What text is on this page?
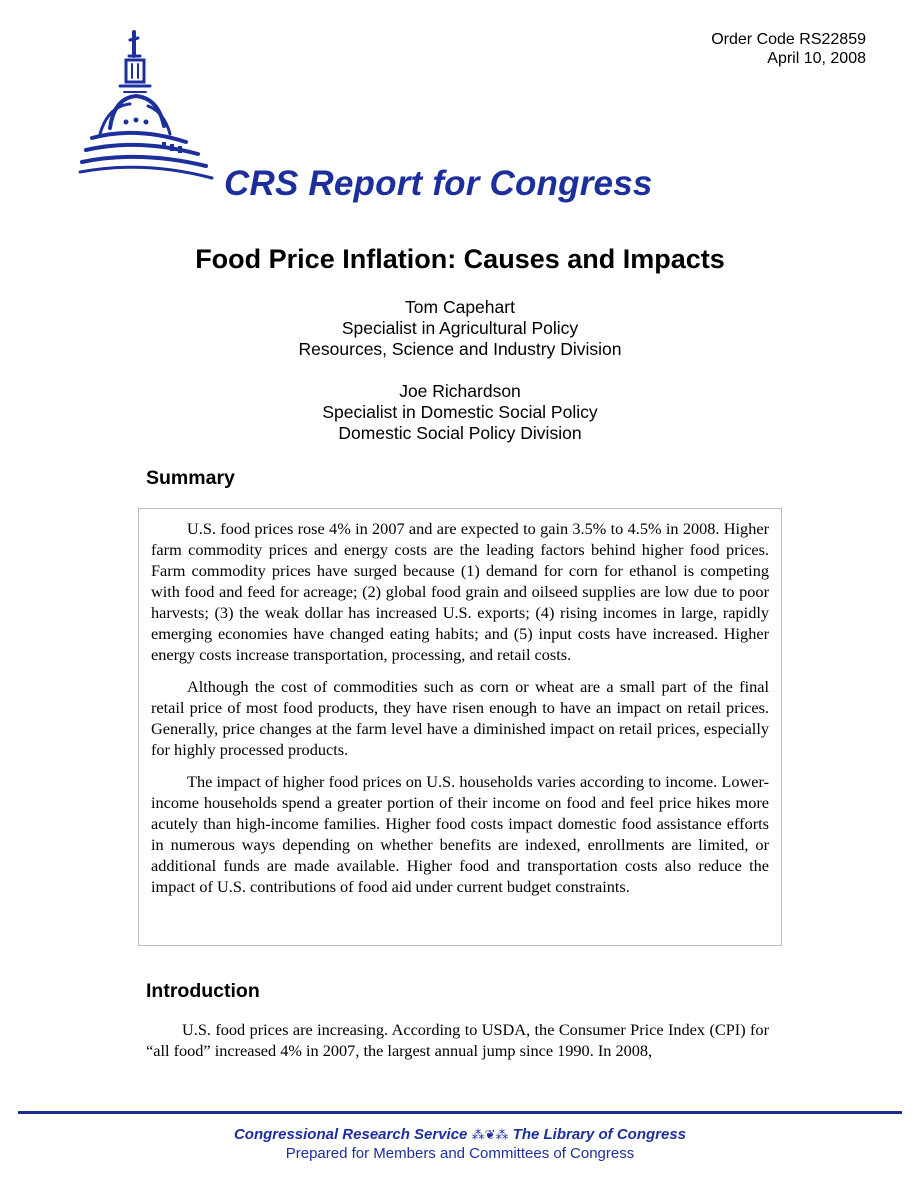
Order Code RS22859
April 10, 2008
CRS Report for Congress
Food Price Inflation: Causes and Impacts
Tom Capehart
Specialist in Agricultural Policy
Resources, Science and Industry Division
Joe Richardson
Specialist in Domestic Social Policy
Domestic Social Policy Division
Summary

U.S. food prices rose 4% in 2007 and are expected to gain 3.5% to 4.5% in 2008. Higher farm commodity prices and energy costs are the leading factors behind higher food prices. Farm commodity prices have surged because (1) demand for corn for ethanol is competing with food and feed for acreage; (2) global food grain and oilseed supplies are low due to poor harvests; (3) the weak dollar has increased U.S. exports; (4) rising incomes in large, rapidly emerging economies have changed eating habits; and (5) input costs have increased. Higher energy costs increase transportation, processing, and retail costs.

Although the cost of commodities such as corn or wheat are a small part of the final retail price of most food products, they have risen enough to have an impact on retail prices. Generally, price changes at the farm level have a diminished impact on retail prices, especially for highly processed products.

The impact of higher food prices on U.S. households varies according to income. Lower-income households spend a greater portion of their income on food and feel price hikes more acutely than high-income families. Higher food costs impact domestic food assistance efforts in numerous ways depending on whether benefits are indexed, enrollments are limited, or additional funds are made available. Higher food and transportation costs also reduce the impact of U.S. contributions of food aid under current budget constraints.

Introduction

U.S. food prices are increasing. According to USDA, the Consumer Price Index (CPI) for “all food” increased 4% in 2007, the largest annual jump since 1990. In 2008,

Congressional Research Service ⁂❦⁂ The Library of Congress
Prepared for Members and Committees of Congress
